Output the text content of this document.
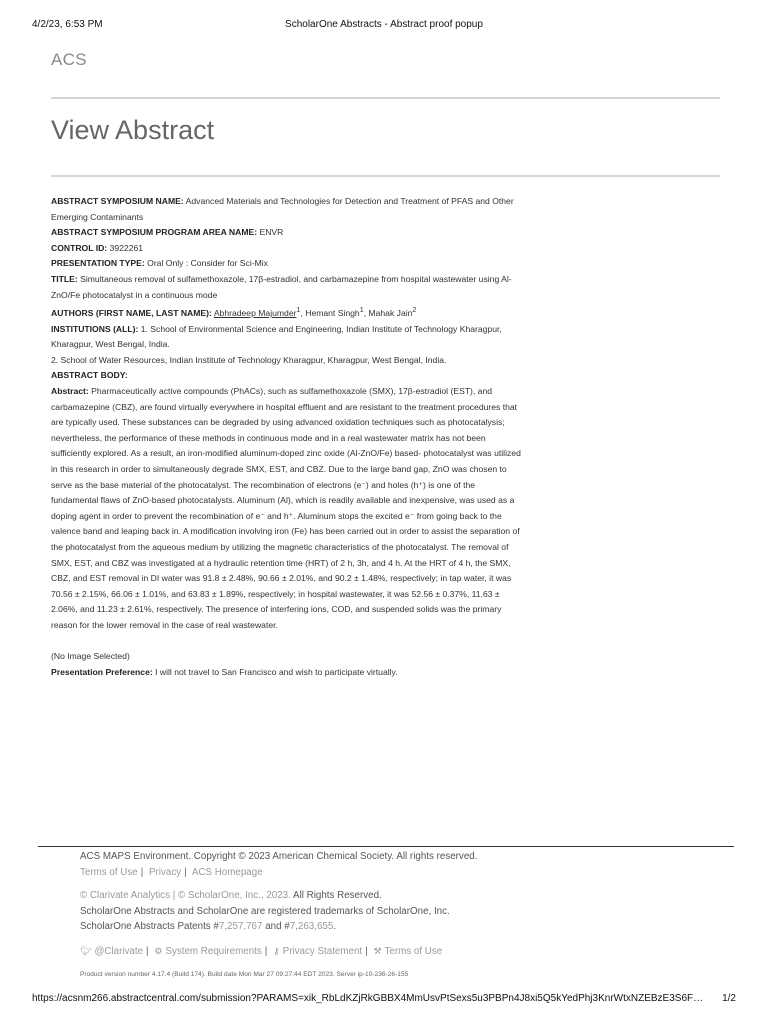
4/2/23, 6:53 PM	ScholarOne Abstracts - Abstract proof popup
ACS
View Abstract

ABSTRACT SYMPOSIUM NAME: Advanced Materials and Technologies for Detection and Treatment of PFAS and Other Emerging Contaminants

ABSTRACT SYMPOSIUM PROGRAM AREA NAME: ENVR

CONTROL ID: 3922261

PRESENTATION TYPE: Oral Only : Consider for Sci-Mix

TITLE: Simultaneous removal of sulfamethoxazole, 17β-estradiol, and carbamazepine from hospital wastewater using Al-ZnO/Fe photocatalyst in a continuous mode

AUTHORS (FIRST NAME, LAST NAME): Abhradeep Majumder$^1$, Hemant Singh$^1$, Mahak Jain$^2$

INSTITUTIONS (ALL): 1. School of Environmental Science and Engineering, Indian Institute of Technology Kharagpur, Kharagpur, West Bengal, India.

2. School of Water Resources, Indian Institute of Technology Kharagpur, Kharagpur, West Bengal, India.

ABSTRACT BODY:

Abstract: Pharmaceutically active compounds (PhACs), such as sulfamethoxazole (SMX), 17β-estradiol (EST), and carbamazepine (CBZ), are found virtually everywhere in hospital effluent and are resistant to the treatment procedures that are typically used. These substances can be degraded by using advanced oxidation techniques such as photocatalysis; nevertheless, the performance of these methods in continuous mode and in a real wastewater matrix has not been sufficiently explored. As a result, an iron-modified aluminum-doped zinc oxide (Al-ZnO/Fe) based- photocatalyst was utilized in this research in order to simultaneously degrade SMX, EST, and CBZ. Due to the large band gap, ZnO was chosen to serve as the base material of the photocatalyst. The recombination of electrons (e⁻) and holes (h⁺) is one of the fundamental flaws of ZnO-based photocatalysts. Aluminum (Al), which is readily available and inexpensive, was used as a doping agent in order to prevent the recombination of e⁻ and h⁺. Aluminum stops the excited e⁻ from going back to the valence band and leaping back in. A modification involving iron (Fe) has been carried out in order to assist the separation of the photocatalyst from the aqueous medium by utilizing the magnetic characteristics of the photocatalyst. The removal of SMX, EST, and CBZ was investigated at a hydraulic retention time (HRT) of 2 h, 3h, and 4 h. At the HRT of 4 h, the SMX, CBZ, and EST removal in DI water was 91.8 ± 2.48%, 90.66 ± 2.01%, and 90.2 ± 1.48%, respectively; in tap water, it was 70.56 ± 2.15%, 66.06 ± 1.01%, and 63.83 ± 1.89%, respectively; in hospital wastewater, it was 52.56 ± 0.37%, 11.63 ± 2.06%, and 11.23 ± 2.61%, respectively. The presence of interfering ions, COD, and suspended solids was the primary reason for the lower removal in the case of real wastewater.

(No Image Selected)

Presentation Preference: I will not travel to San Francisco and wish to participate virtually.

ACS MAPS Environment. Copyright © 2023 American Chemical Society. All rights reserved.

Terms of Use | Privacy | ACS Homepage

© Clarivate Analytics | © ScholarOne, Inc., 2023. All Rights Reserved.

ScholarOne Abstracts and ScholarOne are registered trademarks of ScholarOne, Inc.

ScholarOne Abstracts Patents #7,257,767 and #7,263,655.

🐦︎ @Clarivate | ⚙︎ System Requirements | ⚷ Privacy Statement | ⚒︎ Terms of Use

Product version number 4.17.4 (Build 174). Build date Mon Mar 27 09:27:44 EDT 2023. Server ip-10-236-26-155

https://acsnm266.abstractcentral.com/submission?PARAMS=xik_RbLdKZjRkGBBX4MmUsvPtSexs5u3PBPn4J8xi5Q5kYedPhj3KnrWtxNZEBzE3S6F…	1/2
